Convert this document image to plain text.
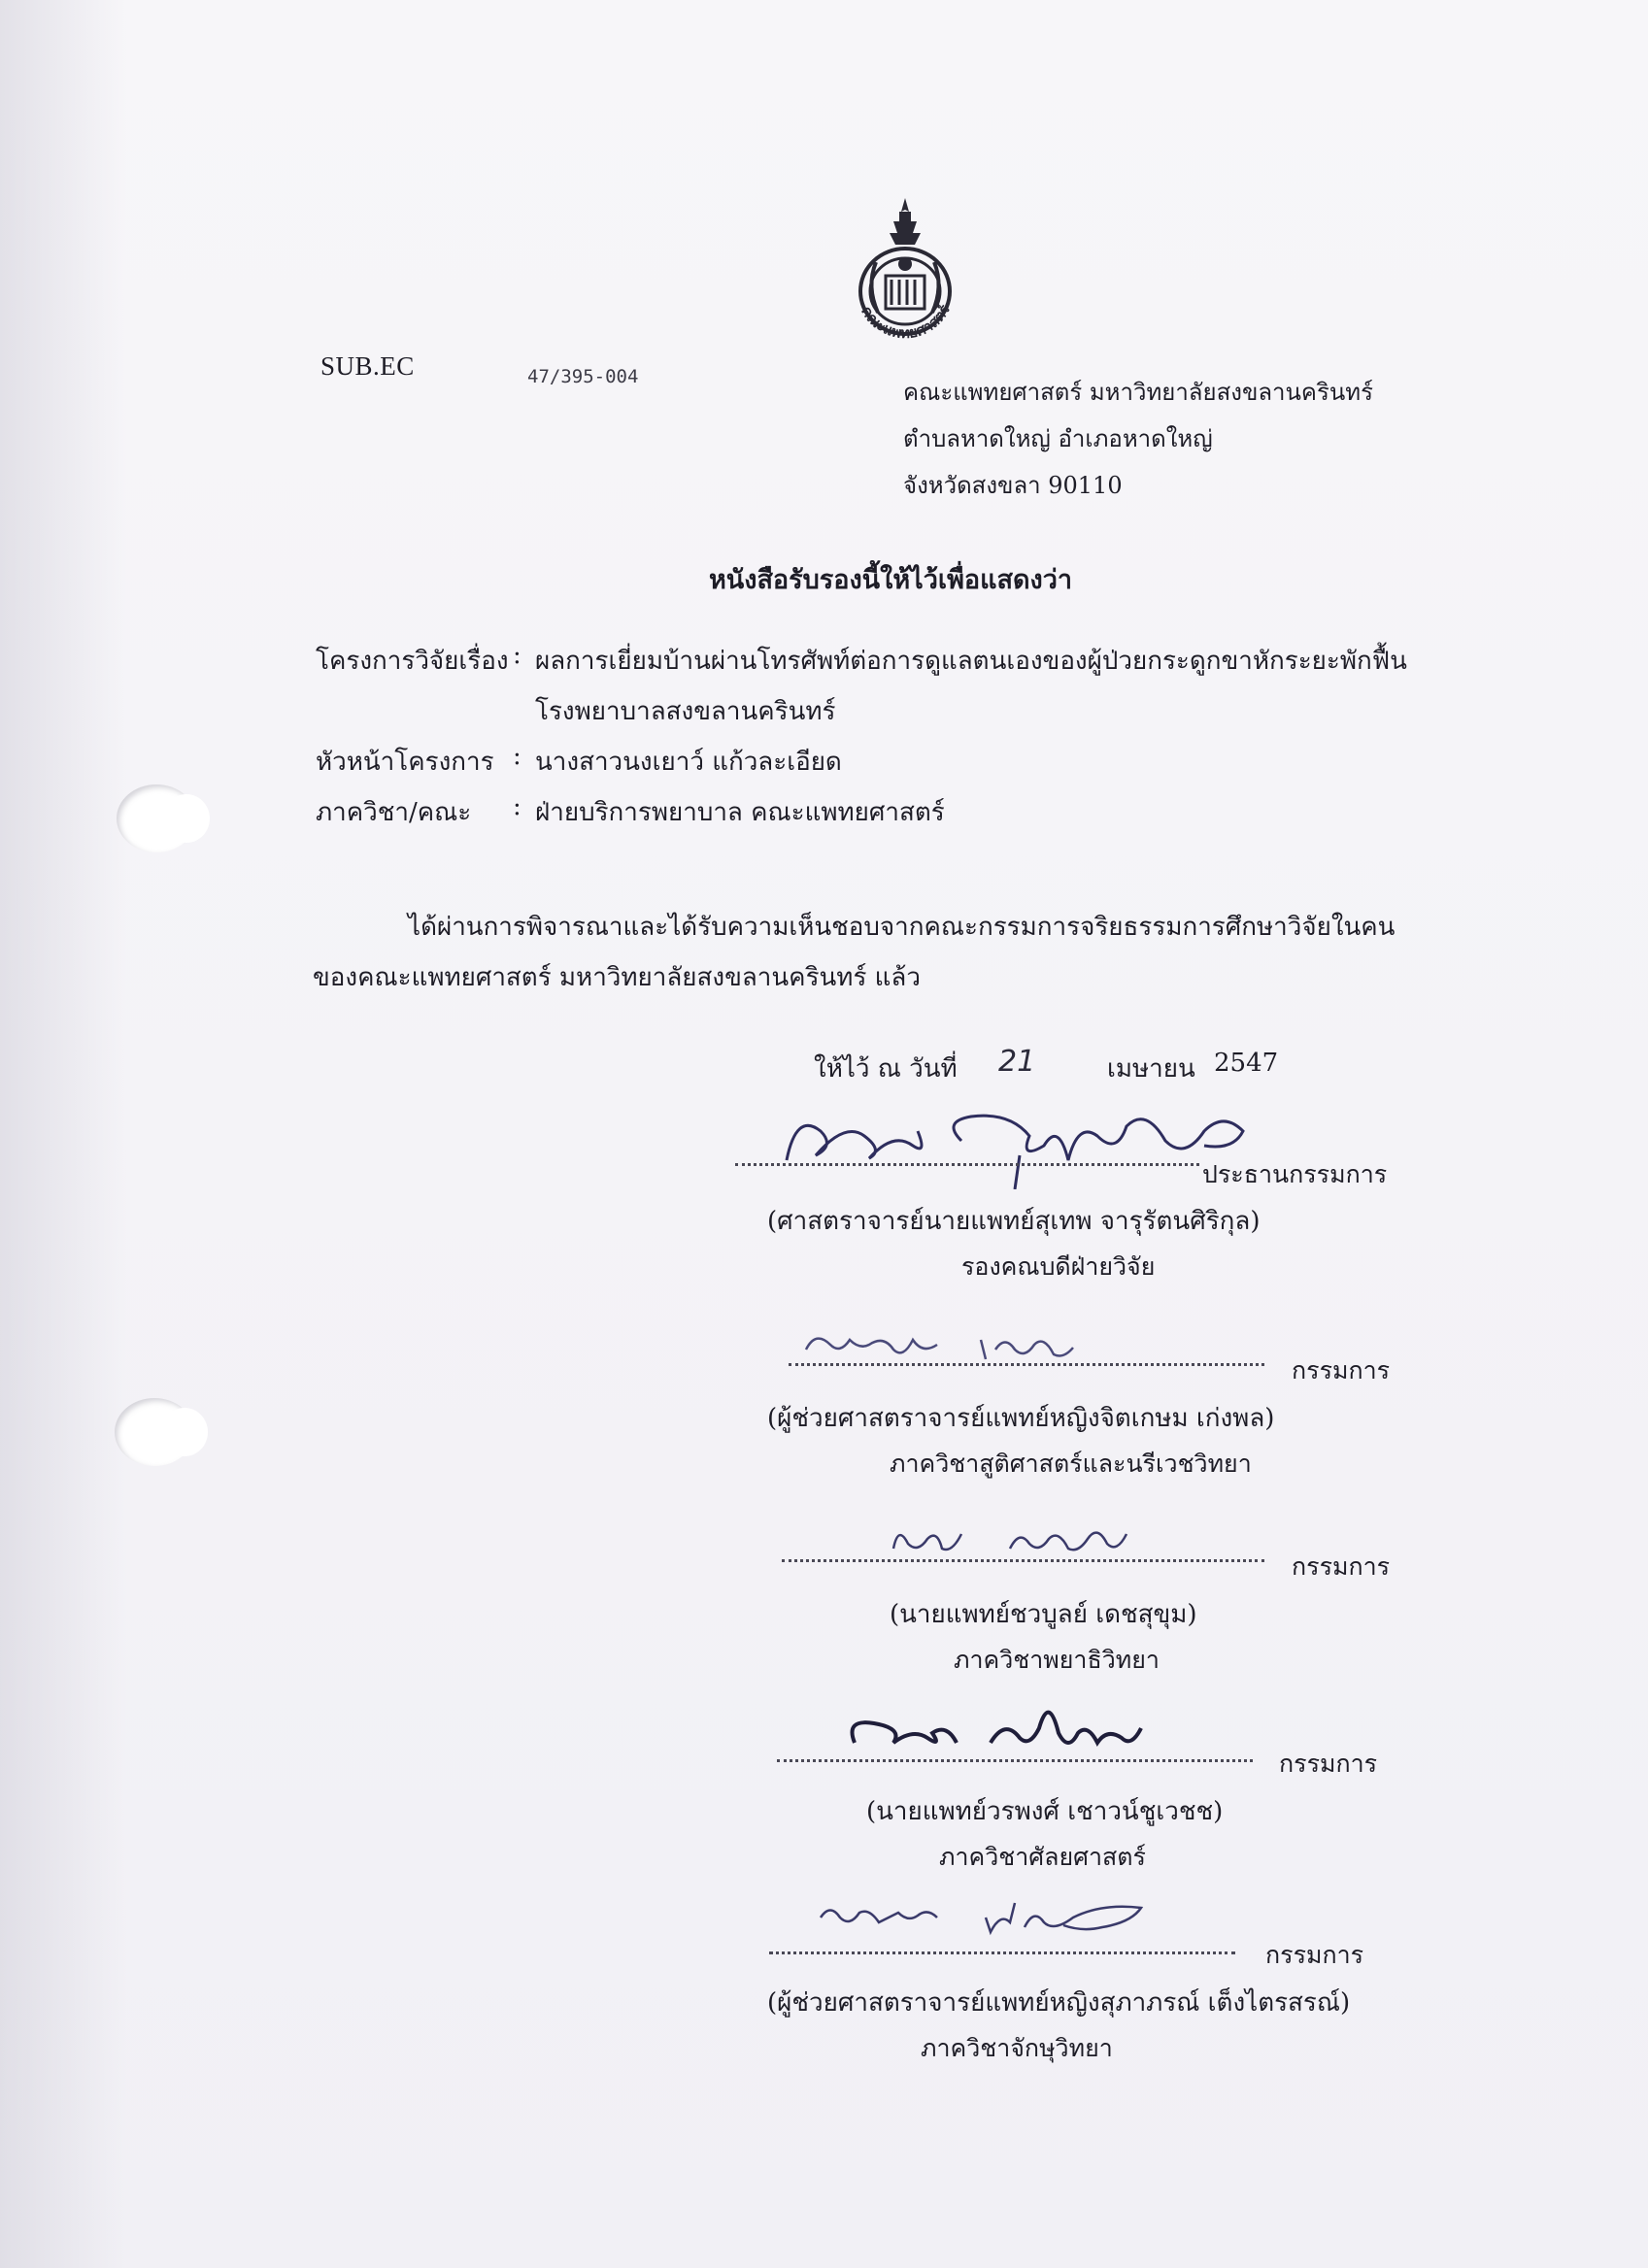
คณะแพทยศาสตร์
SUB.EC	47/395-004
คณะแพทยศาสตร์ มหาวิทยาลัยสงขลานครินทร์
ตำบลหาดใหญ่ อำเภอหาดใหญ่
จังหวัดสงขลา 90110
หนังสือรับรองนี้ให้ไว้เพื่อแสดงว่า
โครงการวิจัยเรื่อง : ผลการเยี่ยมบ้านผ่านโทรศัพท์ต่อการดูแลตนเองของผู้ป่วยกระดูกขาหักระยะพักฟื้น
โรงพยาบาลสงขลานครินทร์
หัวหน้าโครงการ : นางสาวนงเยาว์ แก้วละเอียด
ภาควิชา/คณะ : ฝ่ายบริการพยาบาล คณะแพทยศาสตร์
ได้ผ่านการพิจารณาและได้รับความเห็นชอบจากคณะกรรมการจริยธรรมการศึกษาวิจัยในคน
ของคณะแพทยศาสตร์ มหาวิทยาลัยสงขลานครินทร์ แล้ว
ให้ไว้ ณ วันที่ 21	เมษายน 2547
ประธานกรรมการ
(ศาสตราจารย์นายแพทย์สุเทพ จารุรัตนศิริกุล)
รองคณบดีฝ่ายวิจัย
กรรมการ
(ผู้ช่วยศาสตราจารย์แพทย์หญิงจิตเกษม เก่งพล)
ภาควิชาสูติศาสตร์และนรีเวชวิทยา
กรรมการ
(นายแพทย์ชวบูลย์ เดชสุขุม)
ภาควิชาพยาธิวิทยา
กรรมการ
(นายแพทย์วรพงศ์ เชาวน์ชูเวชช)
ภาควิชาศัลยศาสตร์
กรรมการ
(ผู้ช่วยศาสตราจารย์แพทย์หญิงสุภาภรณ์ เต็งไตรสรณ์)
ภาควิชาจักษุวิทยา
